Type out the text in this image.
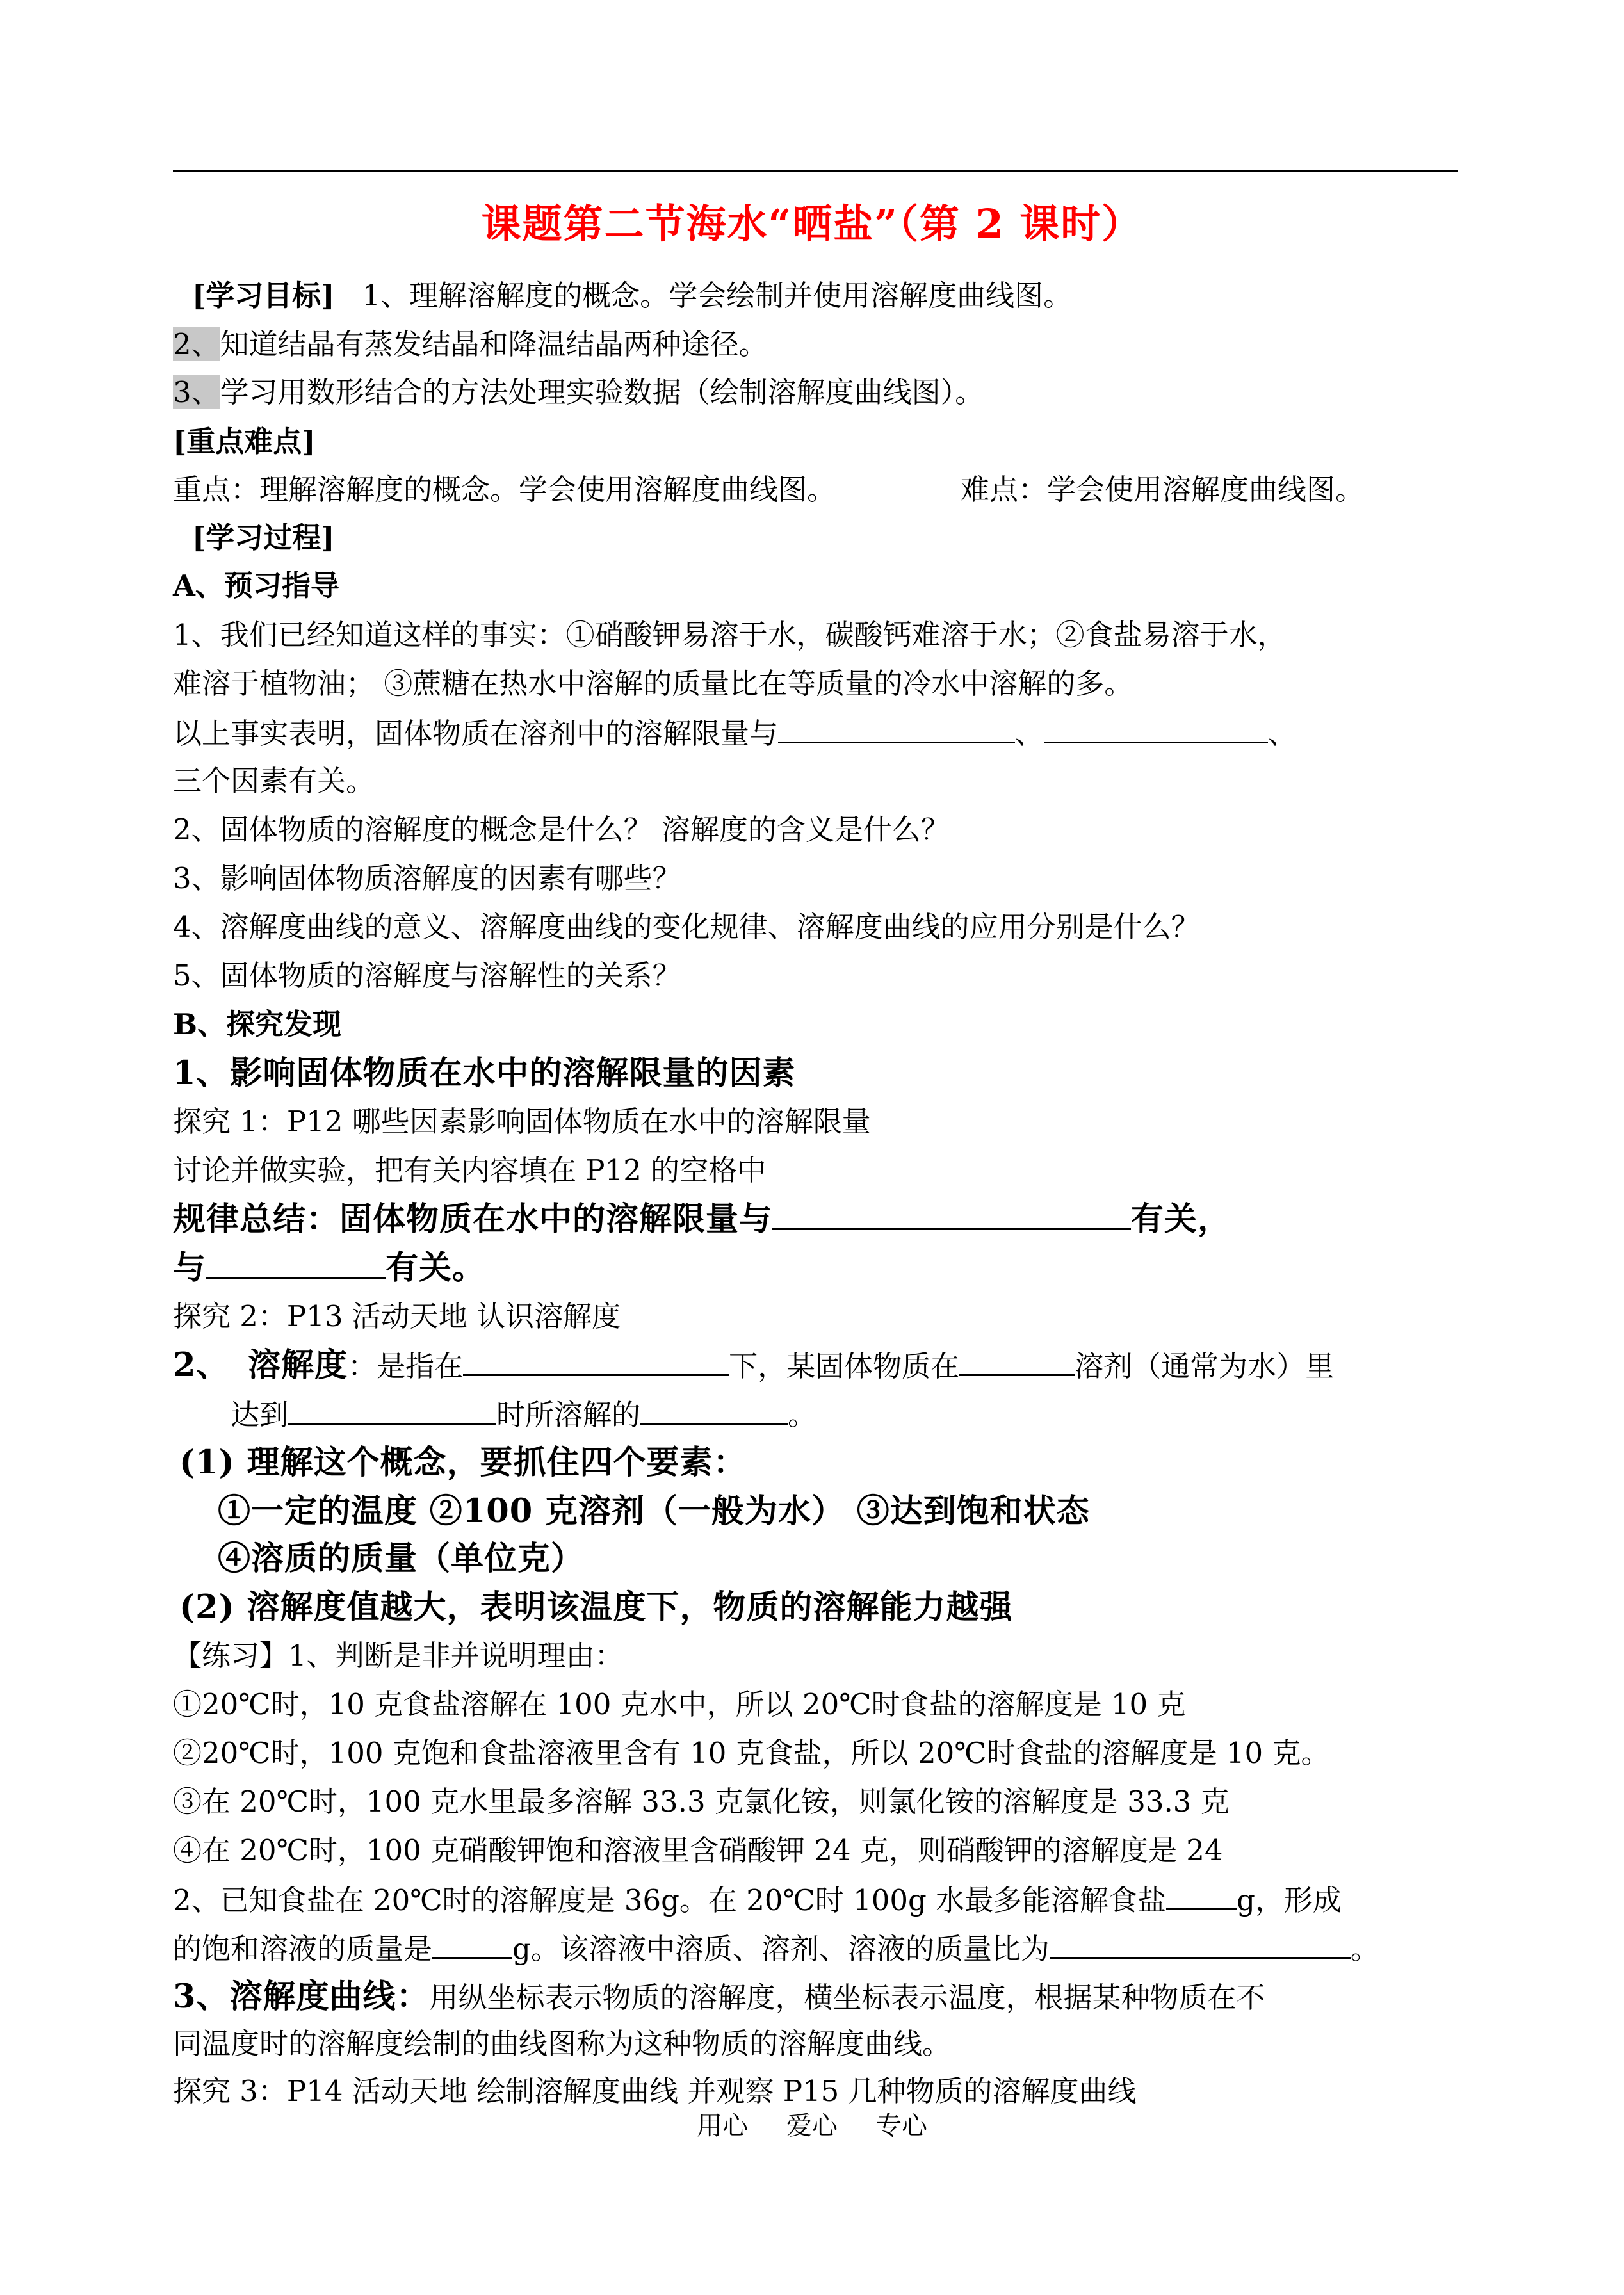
课题第二节海水“晒盐”（第 2 课时）
[学习目标] 1、理解溶解度的概念。学会绘制并使用溶解度曲线图。
2、知道结晶有蒸发结晶和降温结晶两种途径。
3、学习用数形结合的方法处理实验数据（绘制溶解度曲线图）。
[重点难点]
重点：理解溶解度的概念。学会使用溶解度曲线图。	难点：学会使用溶解度曲线图。
[学习过程]
A、预习指导
1、我们已经知道这样的事实：①硝酸钾易溶于水，碳酸钙难溶于水；②食盐易溶于水，
难溶于植物油； ③蔗糖在热水中溶解的质量比在等质量的冷水中溶解的多。
以上事实表明，固体物质在溶剂中的溶解限量与	、	、
三个因素有关。
2、固体物质的溶解度的概念是什么？ 溶解度的含义是什么？
3、影响固体物质溶解度的因素有哪些？
4、溶解度曲线的意义、溶解度曲线的变化规律、溶解度曲线的应用分别是什么？
5、固体物质的溶解度与溶解性的关系？
B、探究发现
1、影响固体物质在水中的溶解限量的因素
探究 1：P12 哪些因素影响固体物质在水中的溶解限量
讨论并做实验，把有关内容填在 P12 的空格中
规律总结：固体物质在水中的溶解限量与	有关，
与	有关。
探究 2：P13 活动天地 认识溶解度
2、 溶解度：是指在	下，某固体物质在	溶剂（通常为水）里
达到	时所溶解的	。
(1) 理解这个概念，要抓住四个要素：
①一定的温度 ②100 克溶剂（一般为水） ③达到饱和状态
④溶质的质量（单位克）
(2) 溶解度值越大，表明该温度下，物质的溶解能力越强
【练习】1、判断是非并说明理由：
①20℃时，10 克食盐溶解在 100 克水中，所以 20℃时食盐的溶解度是 10 克
②20℃时，100 克饱和食盐溶液里含有 10 克食盐，所以 20℃时食盐的溶解度是 10 克。
③在 20℃时，100 克水里最多溶解 33.3 克氯化铵，则氯化铵的溶解度是 33.3 克
④在 20℃时，100 克硝酸钾饱和溶液里含硝酸钾 24 克，则硝酸钾的溶解度是 24
2、已知食盐在 20℃时的溶解度是 36g。在 20℃时 100g 水最多能溶解食盐 g，形成
的饱和溶液的质量是	g。该溶液中溶质、溶剂、溶液的质量比为	。
3、溶解度曲线：用纵坐标表示物质的溶解度，横坐标表示温度，根据某种物质在不
同温度时的溶解度绘制的曲线图称为这种物质的溶解度曲线。
探究 3：P14 活动天地 绘制溶解度曲线 并观察 P15 几种物质的溶解度曲线
用心 爱心 专心
